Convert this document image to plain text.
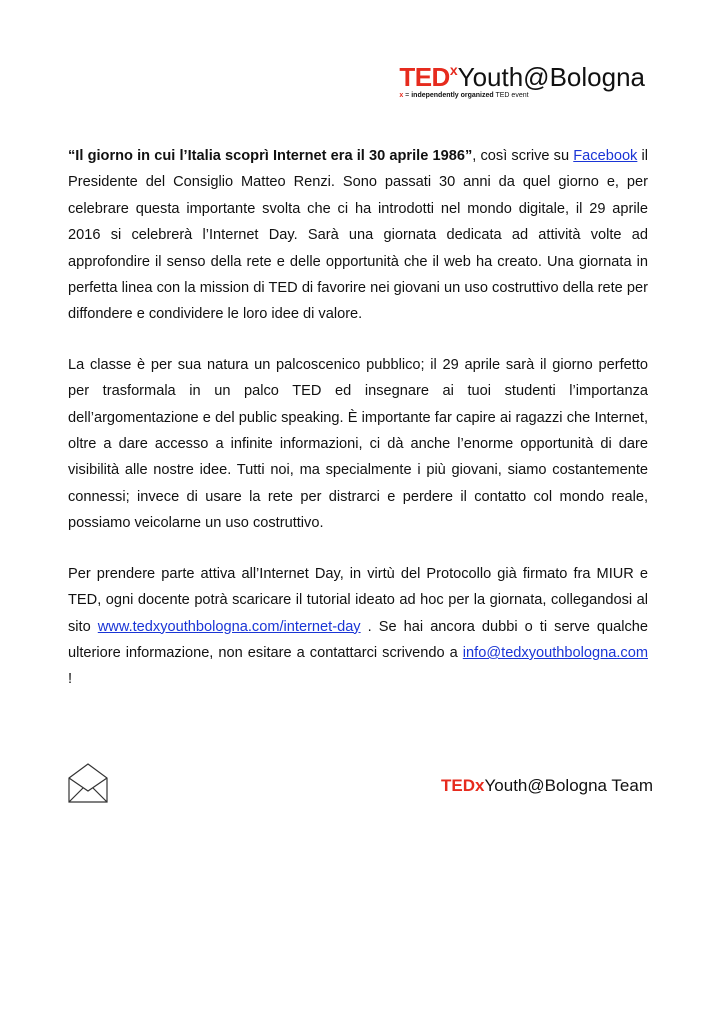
TED$^x$Youth@Bologna
x = independently organized TED event

“Il giorno in cui l’Italia scoprì Internet era il 30 aprile 1986”, così scrive su Facebook il Presidente del Consiglio Matteo Renzi. Sono passati 30 anni da quel giorno e, per celebrare questa importante svolta che ci ha introdotti nel mondo digitale, il 29 aprile 2016 si celebrerà l’Internet Day. Sarà una giornata dedicata ad attività volte ad approfondire il senso della rete e delle opportunità che il web ha creato. Una giornata in perfetta linea con la mission di TED di favorire nei giovani un uso costruttivo della rete per diffondere e condividere le loro idee di valore.

La classe è per sua natura un palcoscenico pubblico; il 29 aprile sarà il giorno perfetto per trasformala in un palco TED ed insegnare ai tuoi studenti l’importanza dell’argomentazione e del public speaking. È importante far capire ai ragazzi che Internet, oltre a dare accesso a infinite informazioni, ci dà anche l’enorme opportunità di dare visibilità alle nostre idee. Tutti noi, ma specialmente i più giovani, siamo costantemente connessi; invece di usare la rete per distrarci e perdere il contatto col mondo reale, possiamo veicolarne un uso costruttivo.

Per prendere parte attiva all’Internet Day, in virtù del Protocollo già firmato fra MIUR e TED, ogni docente potrà scaricare il tutorial ideato ad hoc per la giornata, collegandosi al sito www.tedxyouthbologna.com/internet-day . Se hai ancora dubbi o ti serve qualche ulteriore informazione, non esitare a contattarci scrivendo a info@tedxyouthbologna.com !

TEDxYouth@Bologna Team
